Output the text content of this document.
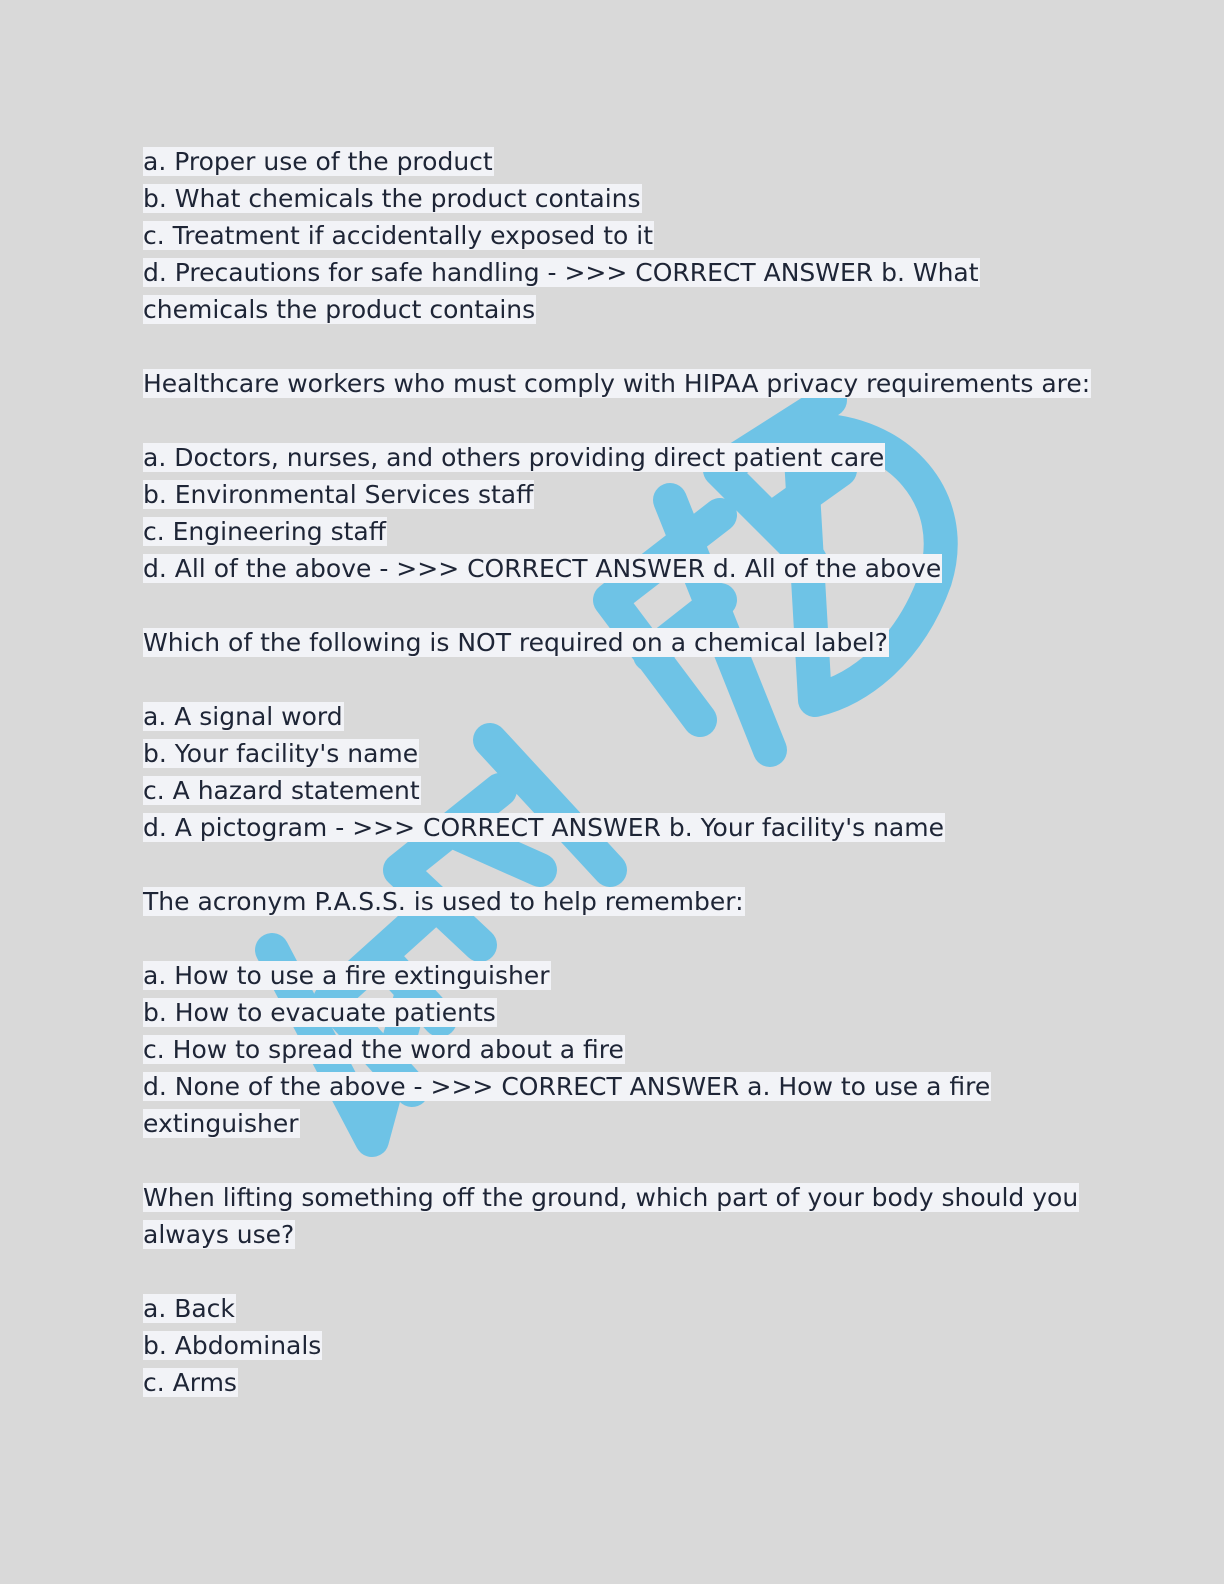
a. Proper use of the product
b. What chemicals the product contains
c. Treatment if accidentally exposed to it
d. Precautions for safe handling - >>> CORRECT ANSWER b. What
chemicals the product contains
Healthcare workers who must comply with HIPAA privacy requirements are:
a. Doctors, nurses, and others providing direct patient care
b. Environmental Services staff
c. Engineering staff
d. All of the above - >>> CORRECT ANSWER d. All of the above
Which of the following is NOT required on a chemical label?
a. A signal word
b. Your facility's name
c. A hazard statement
d. A pictogram - >>> CORRECT ANSWER b. Your facility's name
The acronym P.A.S.S. is used to help remember:
a. How to use a fire extinguisher
b. How to evacuate patients
c. How to spread the word about a fire
d. None of the above - >>> CORRECT ANSWER a. How to use a fire
extinguisher
When lifting something off the ground, which part of your body should you
always use?
a. Back
b. Abdominals
c. Arms
